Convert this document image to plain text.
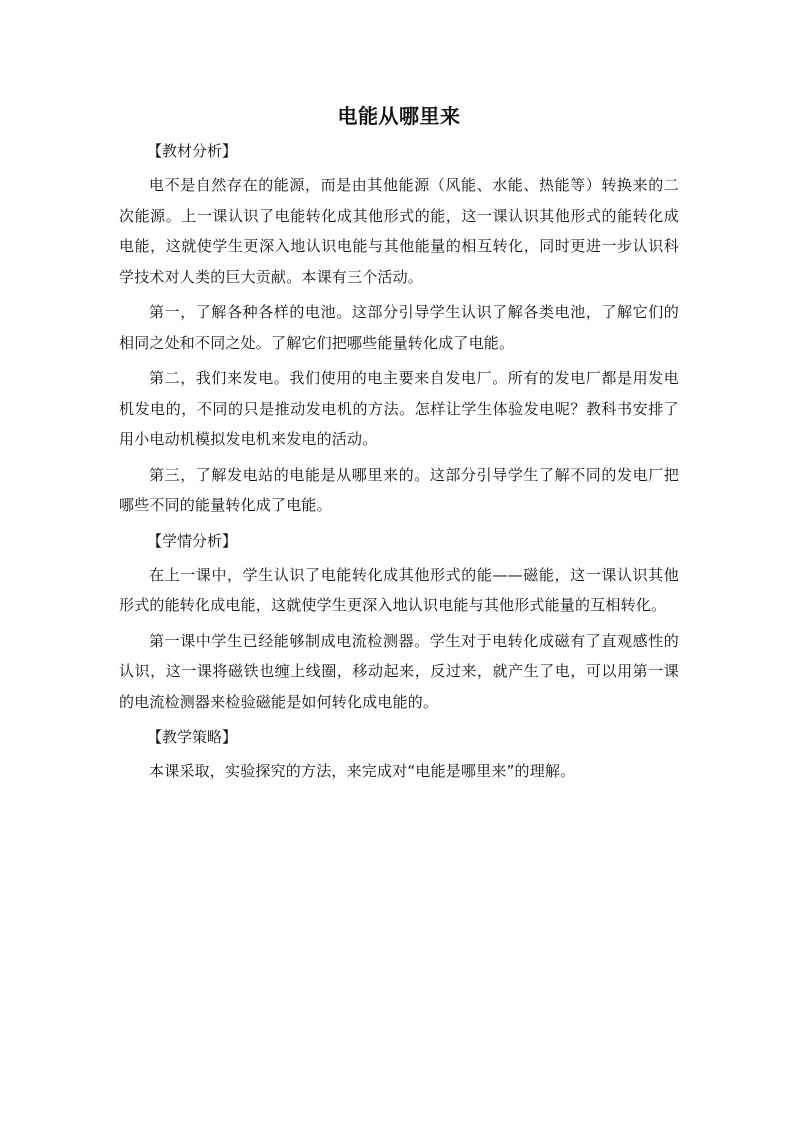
电能从哪里来
【教材分析】

电不是自然存在的能源，而是由其他能源（风能、水能、热能等）转换来的二次能源。上一课认识了电能转化成其他形式的能，这一课认识其他形式的能转化成电能，这就使学生更深入地认识电能与其他能量的相互转化，同时更进一步认识科学技术对人类的巨大贡献。本课有三个活动。

第一，了解各种各样的电池。这部分引导学生认识了解各类电池，了解它们的相同之处和不同之处。了解它们把哪些能量转化成了电能。

第二，我们来发电。我们使用的电主要来自发电厂。所有的发电厂都是用发电机发电的，不同的只是推动发电机的方法。怎样让学生体验发电呢？教科书安排了用小电动机模拟发电机来发电的活动。

第三，了解发电站的电能是从哪里来的。这部分引导学生了解不同的发电厂把哪些不同的能量转化成了电能。

【学情分析】

在上一课中，学生认识了电能转化成其他形式的能——磁能，这一课认识其他形式的能转化成电能，这就使学生更深入地认识电能与其他形式能量的互相转化。

第一课中学生已经能够制成电流检测器。学生对于电转化成磁有了直观感性的认识，这一课将磁铁也缠上线圈，移动起来，反过来，就产生了电，可以用第一课的电流检测器来检验磁能是如何转化成电能的。

【教学策略】

本课采取，实验探究的方法，来完成对“电能是哪里来”的理解。
